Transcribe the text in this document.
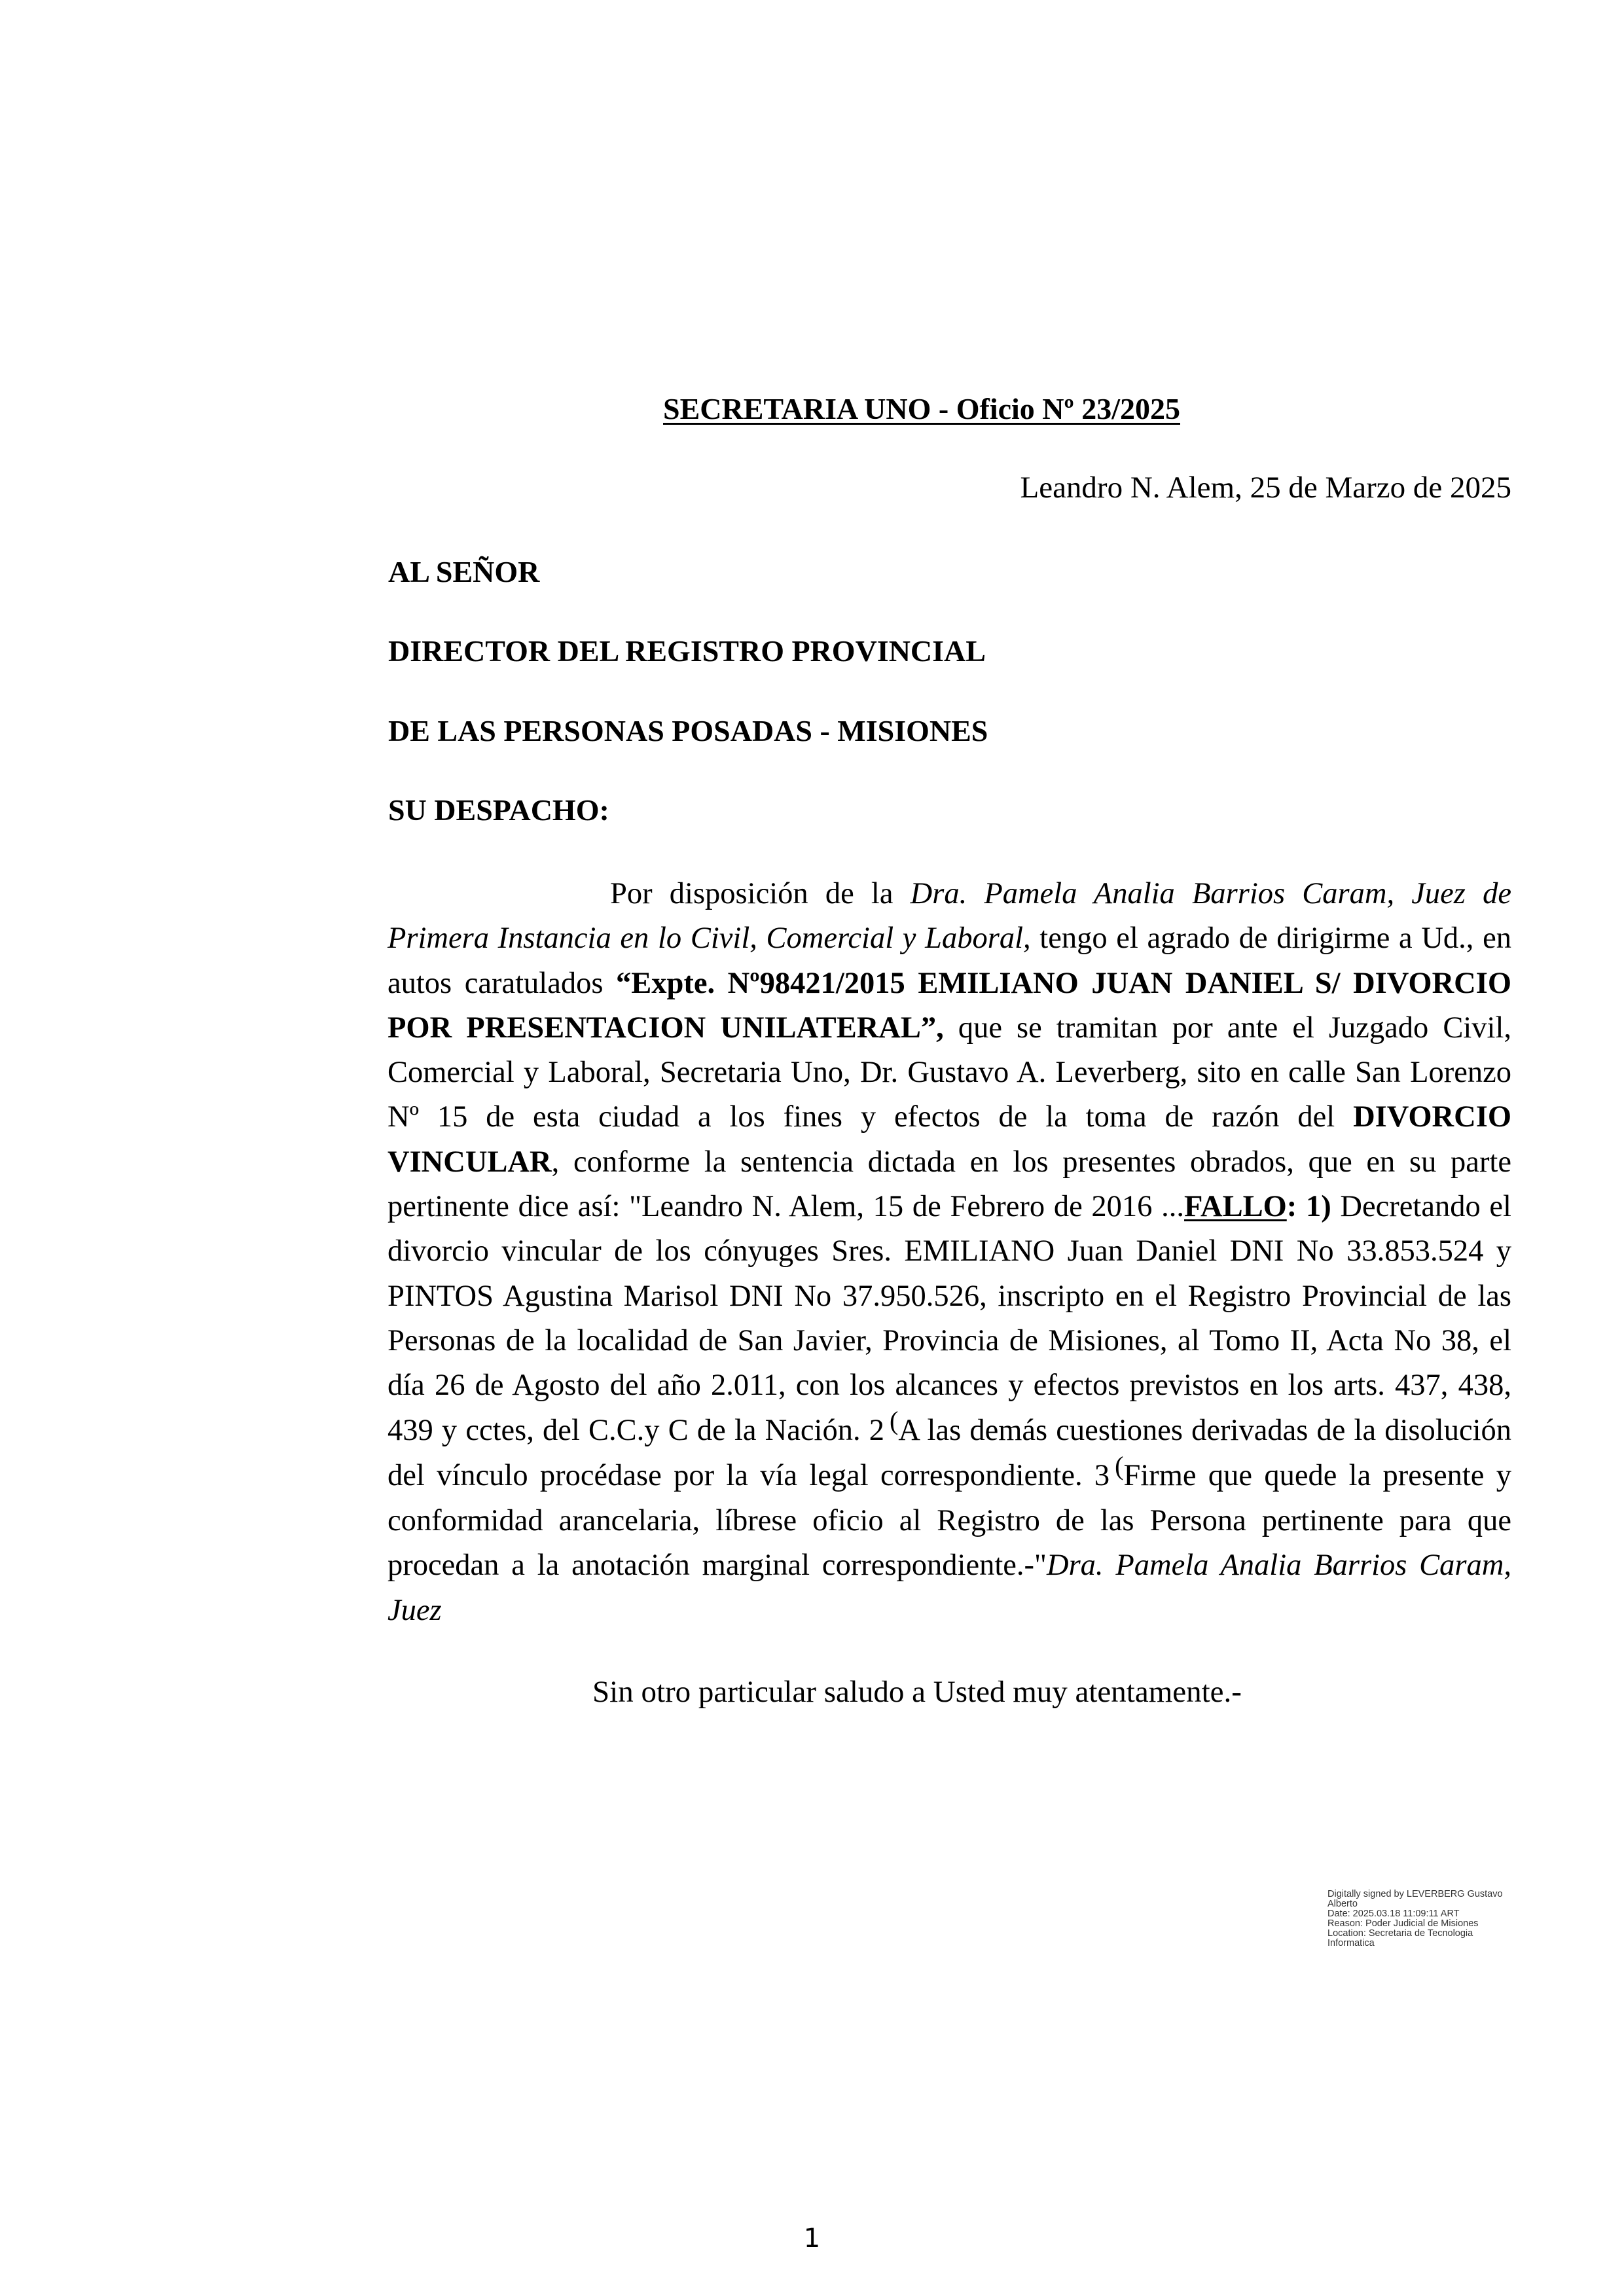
SECRETARIA UNO - Oficio Nº 23/2025
Leandro N. Alem, 25 de Marzo de 2025
AL SEÑOR
DIRECTOR DEL REGISTRO PROVINCIAL
DE LAS PERSONAS POSADAS - MISIONES
SU DESPACHO:
Por disposición de la Dra. Pamela Analia Barrios Caram, Juez de Primera Instancia en lo Civil, Comercial y Laboral, tengo el agrado de dirigirme a Ud., en autos caratulados “Expte. Nº98421/2015 EMILIANO JUAN DANIEL S/ DIVORCIO POR PRESENTACION UNILATERAL”, que se tramitan por ante el Juzgado Civil, Comercial y Laboral, Secretaria Uno, Dr. Gustavo A. Leverberg, sito en calle San Lorenzo Nº 15 de esta ciudad a los fines y efectos de la toma de razón del DIVORCIO VINCULAR, conforme la sentencia dictada en los presentes obrados, que en su parte pertinente dice así: "Leandro N. Alem, 15 de Febrero de 2016 ...FALLO: 1) Decretando el divorcio vincular de los cónyuges Sres. EMILIANO Juan Daniel DNI No 33.853.524 y PINTOS Agustina Marisol DNI No 37.950.526, inscripto en el Registro Provincial de las Personas de la localidad de San Javier, Provincia de Misiones, al Tomo II, Acta No 38, el día 26 de Agosto del año 2.011, con los alcances y efectos previstos en los arts. 437, 438, 439 y cctes, del C.C.y C de la Nación. 2 (A las demás cuestiones derivadas de la disolución del vínculo procédase por la vía legal correspondiente. 3 (Firme que quede la presente y conformidad arancelaria, líbrese oficio al Registro de las Persona pertinente para que procedan a la anotación marginal correspondiente.-"Dra. Pamela Analia Barrios Caram, Juez
Sin otro particular saludo a Usted muy atentamente.-
Digitally signed by LEVERBERG Gustavo
Alberto
Date: 2025.03.18 11:09:11 ART
Reason: Poder Judicial de Misiones
Location: Secretaria de Tecnologia
Informatica
1
